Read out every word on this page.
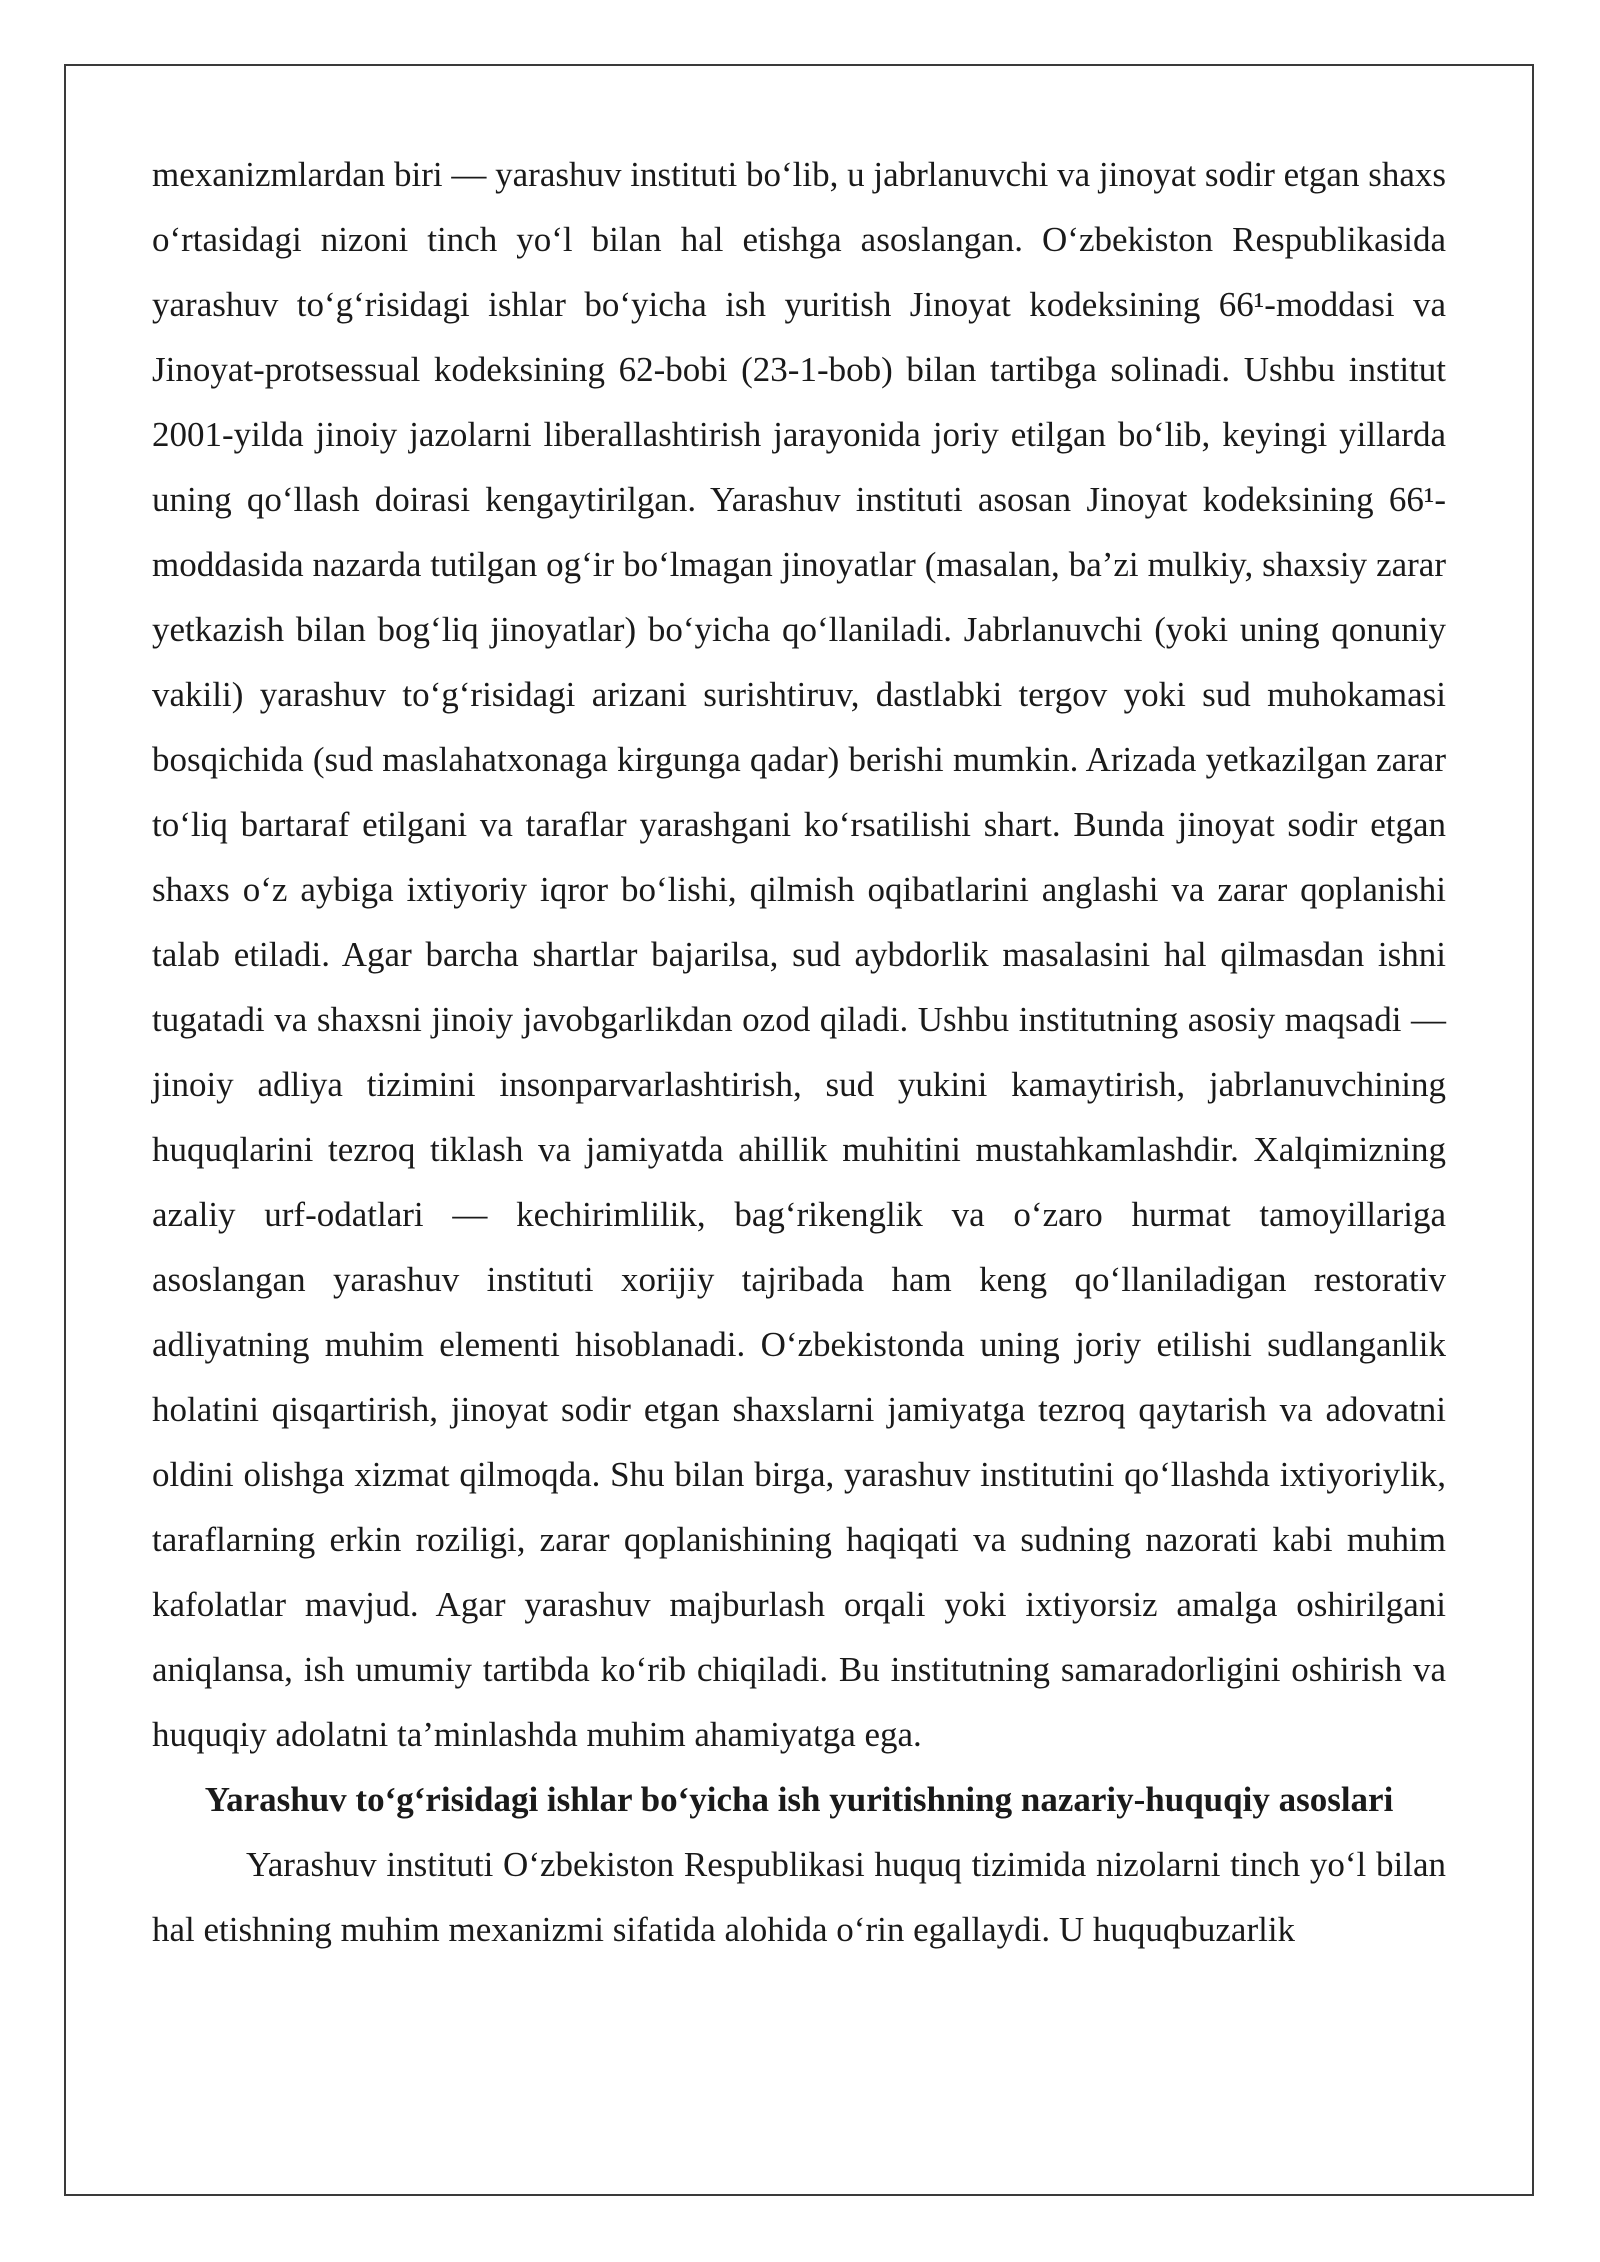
mexanizmlardan biri — yarashuv instituti bo‘lib, u jabrlanuvchi va jinoyat sodir etgan shaxs o‘rtasidagi nizoni tinch yo‘l bilan hal etishga asoslangan. O‘zbekiston Respublikasida yarashuv to‘g‘risidagi ishlar bo‘yicha ish yuritish Jinoyat kodeksining 66¹-moddasi va Jinoyat-protsessual kodeksining 62-bobi (23-1-bob) bilan tartibga solinadi. Ushbu institut 2001-yilda jinoiy jazolarni liberallashtirish jarayonida joriy etilgan bo‘lib, keyingi yillarda uning qo‘llash doirasi kengaytirilgan. Yarashuv instituti asosan Jinoyat kodeksining 66¹-moddasida nazarda tutilgan og‘ir bo‘lmagan jinoyatlar (masalan, ba’zi mulkiy, shaxsiy zarar yetkazish bilan bog‘liq jinoyatlar) bo‘yicha qo‘llaniladi. Jabrlanuvchi (yoki uning qonuniy vakili) yarashuv to‘g‘risidagi arizani surishtiruv, dastlabki tergov yoki sud muhokamasi bosqichida (sud maslahatxonaga kirgunga qadar) berishi mumkin. Arizada yetkazilgan zarar to‘liq bartaraf etilgani va taraflar yarashgani ko‘rsatilishi shart. Bunda jinoyat sodir etgan shaxs o‘z aybiga ixtiyoriy iqror bo‘lishi, qilmish oqibatlarini anglashi va zarar qoplanishi talab etiladi. Agar barcha shartlar bajarilsa, sud aybdorlik masalasini hal qilmasdan ishni tugatadi va shaxsni jinoiy javobgarlikdan ozod qiladi. Ushbu institutning asosiy maqsadi — jinoiy adliya tizimini insonparvarlashtirish, sud yukini kamaytirish, jabrlanuvchining huquqlarini tezroq tiklash va jamiyatda ahillik muhitini mustahkamlashdir. Xalqimizning azaliy urf-odatlari — kechirimlilik, bag‘rikenglik va o‘zaro hurmat tamoyillariga asoslangan yarashuv instituti xorijiy tajribada ham keng qo‘llaniladigan restorativ adliyatning muhim elementi hisoblanadi. O‘zbekistonda uning joriy etilishi sudlanganlik holatini qisqartirish, jinoyat sodir etgan shaxslarni jamiyatga tezroq qaytarish va adovatni oldini olishga xizmat qilmoqda. Shu bilan birga, yarashuv institutini qo‘llashda ixtiyoriylik, taraflarning erkin roziligi, zarar qoplanishining haqiqati va sudning nazorati kabi muhim kafolatlar mavjud. Agar yarashuv majburlash orqali yoki ixtiyorsiz amalga oshirilgani aniqlansa, ish umumiy tartibda ko‘rib chiqiladi. Bu institutning samaradorligini oshirish va huquqiy adolatni ta’minlashda muhim ahamiyatga ega.

Yarashuv to‘g‘risidagi ishlar bo‘yicha ish yuritishning nazariy-huquqiy asoslari

Yarashuv instituti O‘zbekiston Respublikasi huquq tizimida nizolarni tinch yo‘l bilan hal etishning muhim mexanizmi sifatida alohida o‘rin egallaydi. U huquqbuzarlik
